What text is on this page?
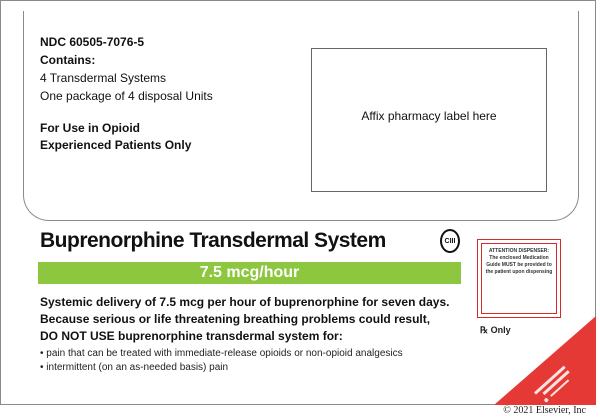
NDC 60505-7076-5
Contains:
4 Transdermal Systems
One package of 4 disposal Units
For Use in Opioid
Experienced Patients Only
Affix pharmacy label here
Buprenorphine Transdermal System	CIII
7.5 mcg/hour
ATTENTION DISPENSER: The enclosed Medication Guide MUST be provided to the patient upon dispensing
℞ Only
Systemic delivery of 7.5 mcg per hour of buprenorphine for seven days.
Because serious or life threatening breathing problems could result,
DO NOT USE buprenorphine transdermal system for:
• pain that can be treated with immediate-release opioids or non-opioid analgesics
• intermittent (on an as-needed basis) pain
© 2021 Elsevier, Inc
